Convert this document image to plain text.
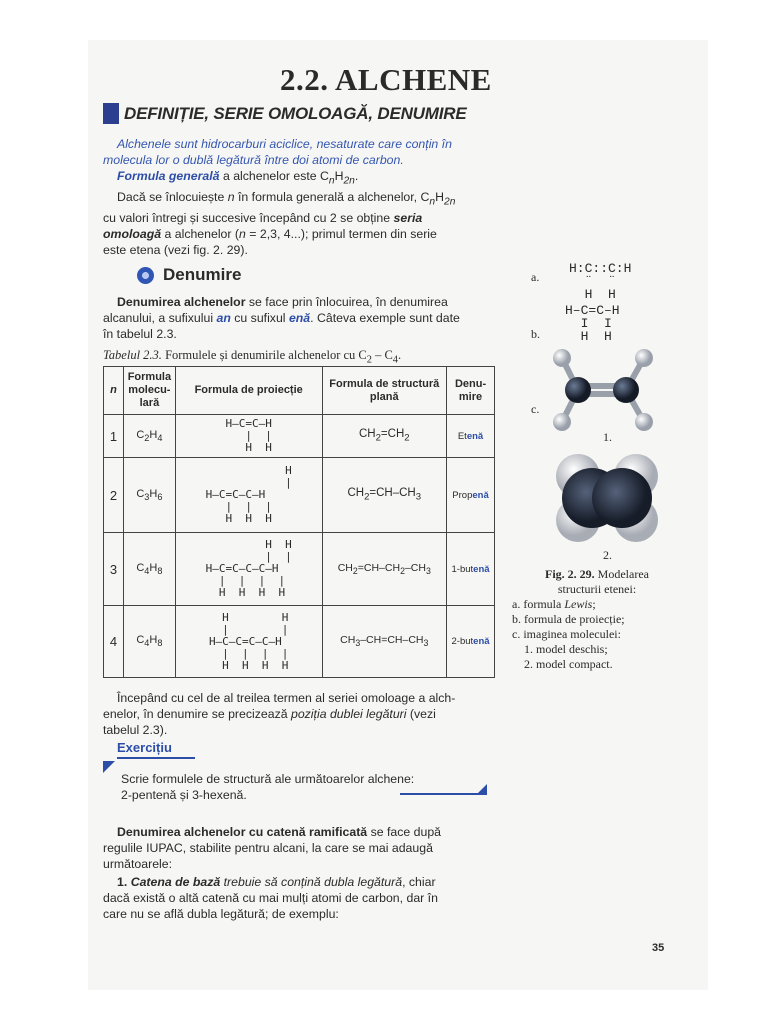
2.2. ALCHENE
DEFINIȚIE, SERIE OMOLOAGĂ, DENUMIRE
Alchenele sunt hidrocarburi aciclice, nesaturate care conțin în
molecula lor o dublă legătură între doi atomi de carbon.
Formula generală a alchenelor este $C_nH_{2n}$.
Dacă se înlocuiește n în formula generală a alchenelor, $C_nH_{2n}$
cu valori întregi și succesive începând cu 2 se obține seria
omoloagă a alchenelor (n = 2,3, 4...); primul termen din serie
este etena (vezi fig. 2. 29).
Denumire
Denumirea alchenelor se face prin înlocuirea, în denumirea
alcanului, a sufixului an cu sufixul enă. Câteva exemple sunt date
în tabelul 2.3.
Tabelul 2.3. Formulele și denumirile alchenelor cu $C_2 - C_4$.
n	Formula molecu-lară	Formula de proiecție	Formula de structură plană	Denu-mire
1	$C_2H_4$	H—C=C—H
|  |
H  H	$CH_2=CH_2$	Etenă
2	$C_3H_6$	H
|
H—C=C—C—H
|  |  |
H  H  H	$CH_2=CH-CH_3$	Propenă
3	$C_4H_8$	H  H
|  |
H—C=C—C—C—H
|  |  |  |
H  H  H  H	$CH_2=CH-CH_2-CH_3$	1-butenă
4	$C_4H_8$	H        H
|        |
H—C—C=C—C—H
|  |  |  |
H  H  H  H	$CH_3-CH=CH-CH_3$	2-butenă
Începând cu cel de al treilea termen al seriei omoloage a alch-
enelor, în denumire se precizează poziția dublei legături (vezi
tabelul 2.3).
Exercițiu
Scrie formulele de structură ale următoarelor alchene:
2-pentenă și 3-hexenă.
Denumirea alchenelor cu catenă ramificată se face după
regulile IUPAC, stabilite pentru alcani, la care se mai adaugă
următoarele:
1. Catena de bază trebuie să conțină dubla legătură, chiar
dacă există o altă catenă cu mai mulți atomi de carbon, dar în
care nu se află dubla legătură; de exemplu:
a.
H:C::C:H
¨  ¨
H  H
b.
H–C=C–H
I  I
H  H
c.
1.
2.
Fig. 2. 29. Modelarea
structurii etenei:
a. formula Lewis;
b. formula de proiecție;
c. imaginea moleculei:
1. model deschis;
2. model compact.
35
